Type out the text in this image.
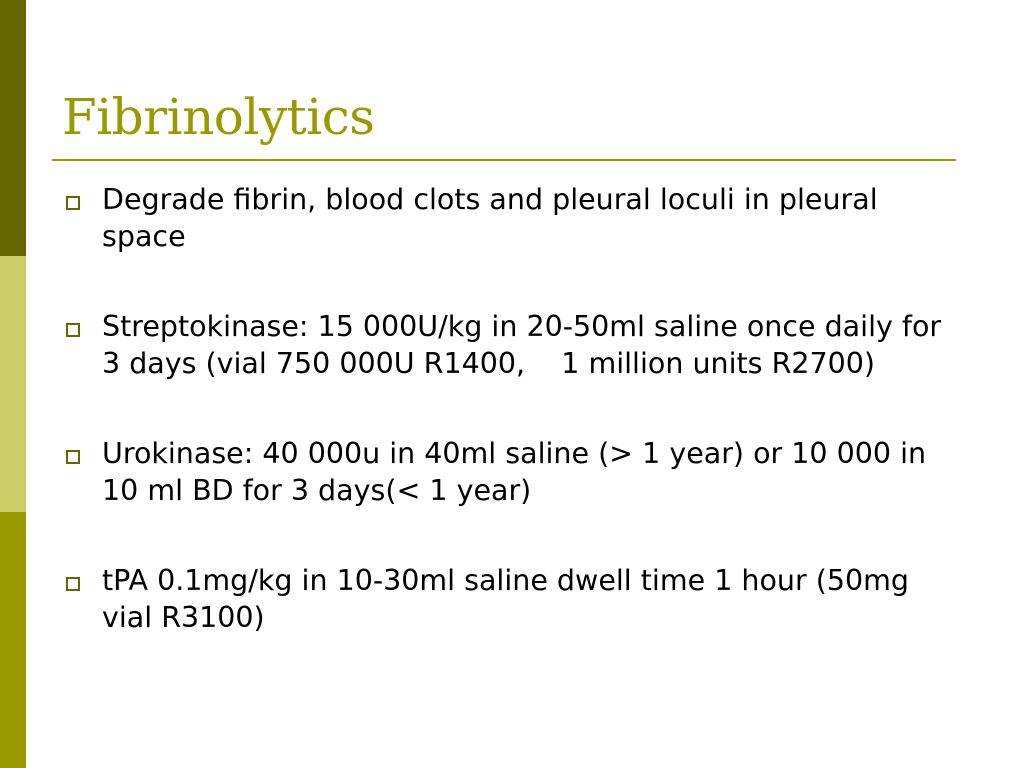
Fibrinolytics
Degrade fibrin, blood clots and pleural loculi in pleural space
Streptokinase: 15 000U/kg in 20-50ml saline once daily for 3 days (vial 750 000U R1400,    1 million units R2700)
Urokinase: 40 000u in 40ml saline (> 1 year) or 10 000 in 10 ml BD for 3 days(< 1 year)
tPA 0.1mg/kg in 10-30ml saline dwell time 1 hour (50mg vial R3100)
